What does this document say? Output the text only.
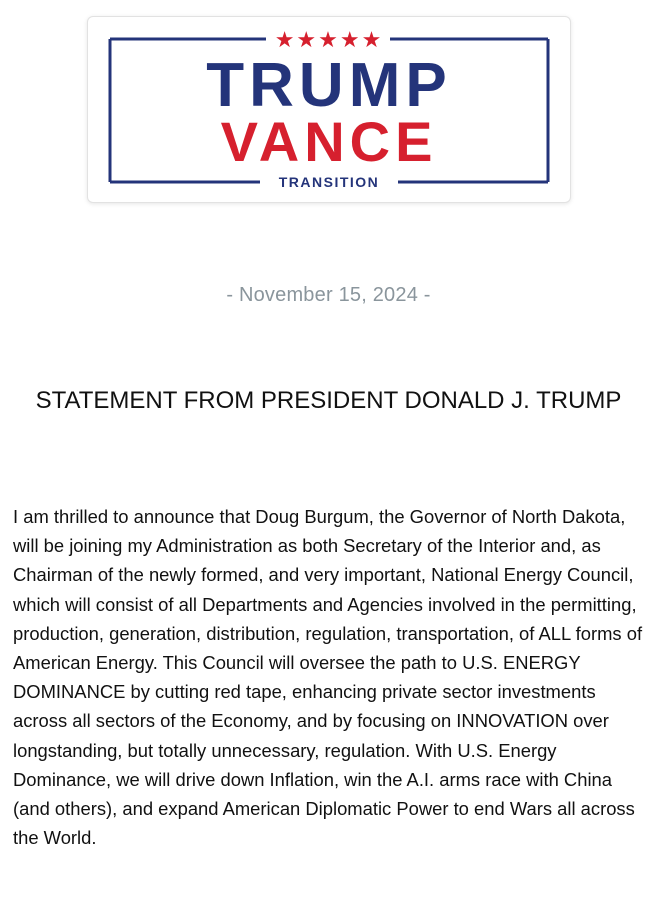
★★★★★
TRUMP
VANCE
TRANSITION
- November 15, 2024 -
STATEMENT FROM PRESIDENT DONALD J. TRUMP

I am thrilled to announce that Doug Burgum, the Governor of North Dakota, will be joining my Administration as both Secretary of the Interior and, as Chairman of the newly formed, and very important, National Energy Council, which will consist of all Departments and Agencies involved in the permitting, production, generation, distribution, regulation, transportation, of ALL forms of American Energy. This Council will oversee the path to U.S. ENERGY DOMINANCE by cutting red tape, enhancing private sector investments across all sectors of the Economy, and by focusing on INNOVATION over longstanding, but totally unnecessary, regulation. With U.S. Energy Dominance, we will drive down Inflation, win the A.I. arms race with China (and others), and expand American Diplomatic Power to end Wars all across the World.
